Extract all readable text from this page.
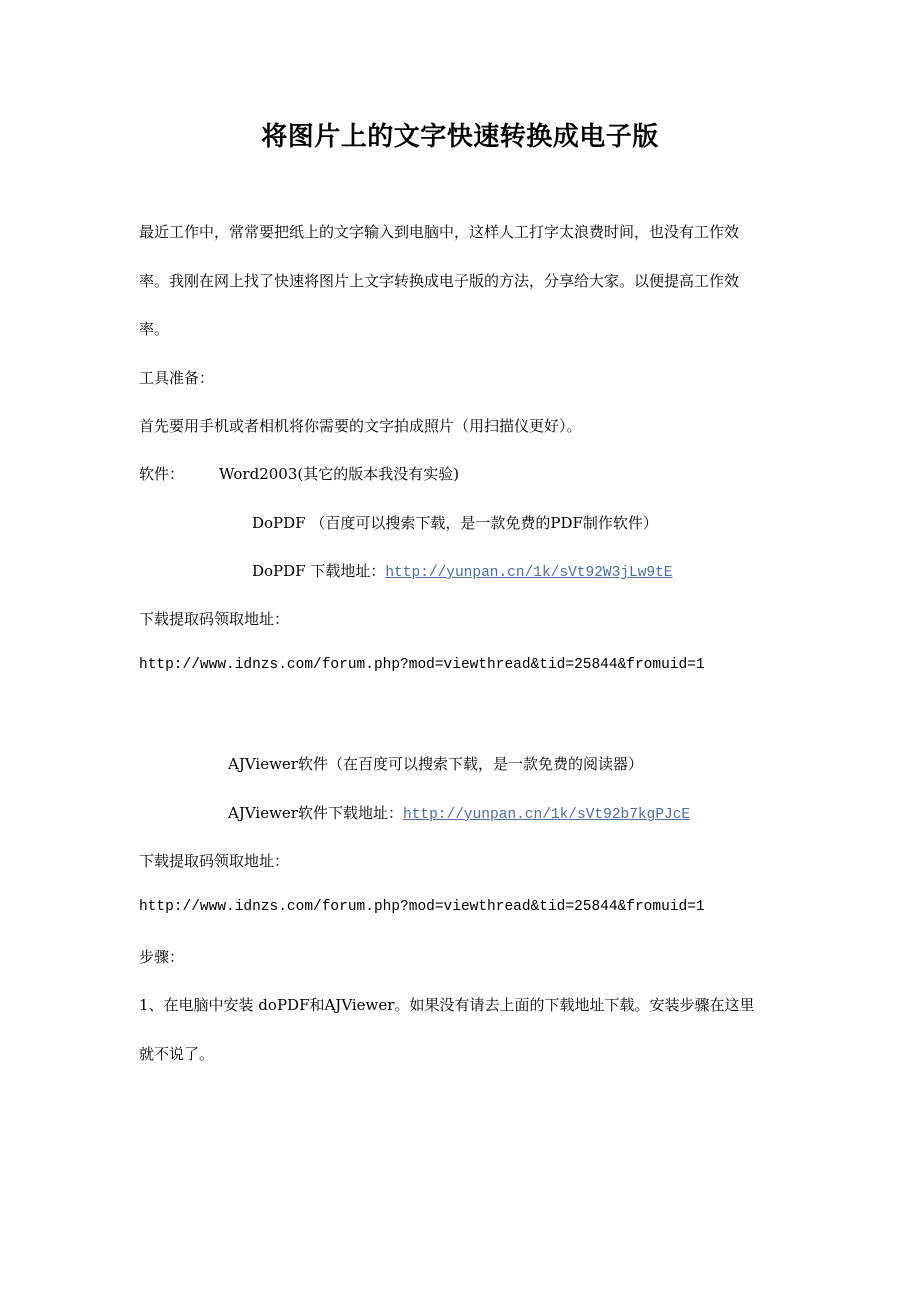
将图片上的文字快速转换成电子版
最近工作中，常常要把纸上的文字输入到电脑中，这样人工打字太浪费时间，也没有工作效
率。我刚在网上找了快速将图片上文字转换成电子版的方法，分享给大家。以便提高工作效
率。
工具准备：
首先要用手机或者相机将你需要的文字拍成照片（用扫描仪更好）。
软件： Word2003(其它的版本我没有实验)
DoPDF （百度可以搜索下载，是一款免费的PDF制作软件）
DoPDF 下载地址：http://yunpan.cn/1k/sVt92W3jLw9tE
下载提取码领取地址：
http://www.idnzs.com/forum.php?mod=viewthread&tid=25844&fromuid=1
AJViewer软件（在百度可以搜索下载，是一款免费的阅读器）
AJViewer软件下载地址：http://yunpan.cn/1k/sVt92b7kgPJcE
下载提取码领取地址：
http://www.idnzs.com/forum.php?mod=viewthread&tid=25844&fromuid=1
步骤：
1、在电脑中安装 doPDF和AJViewer。如果没有请去上面的下载地址下载。安装步骤在这里
就不说了。
